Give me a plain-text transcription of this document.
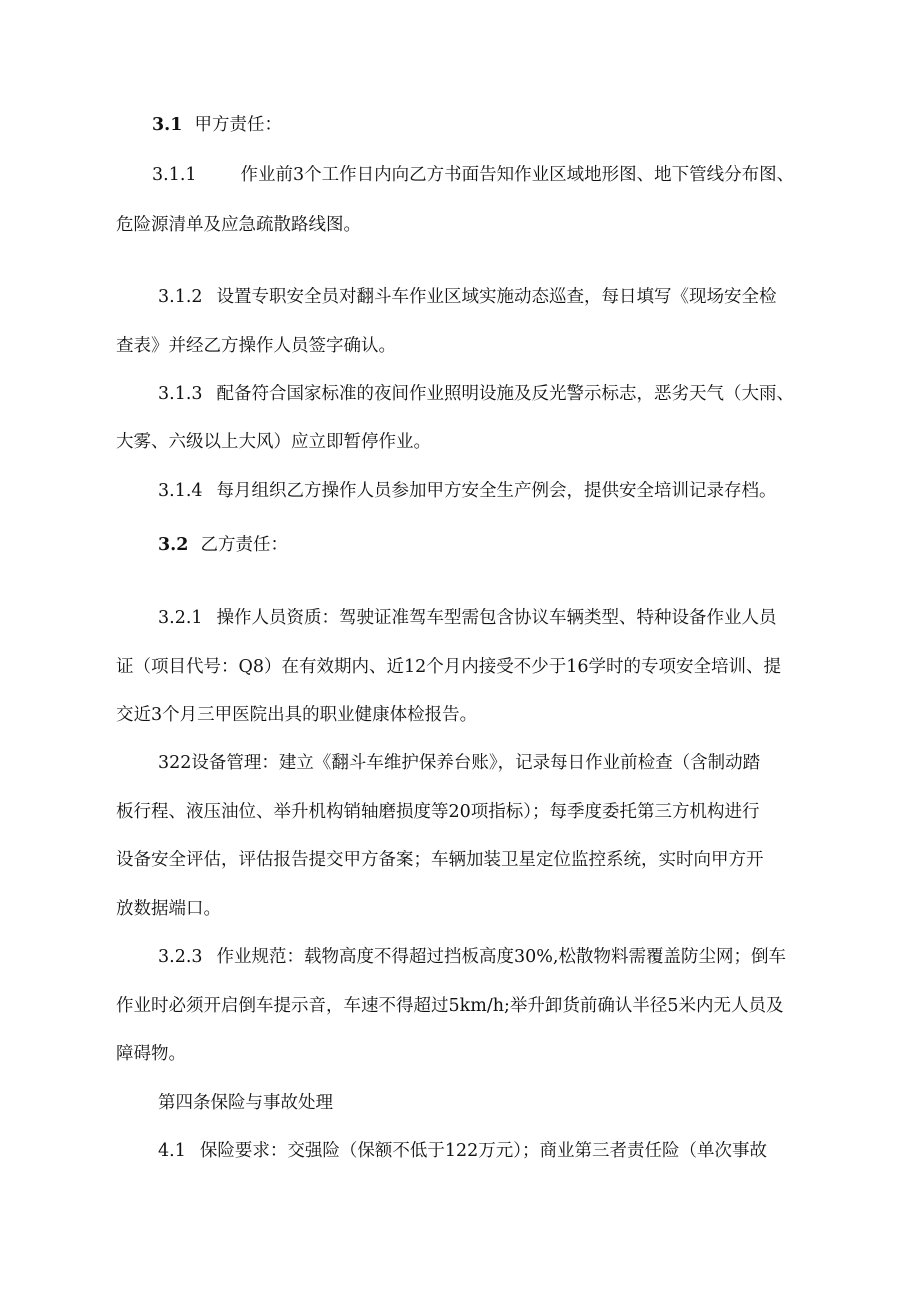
3.1 甲方责任：
3.1.1	作业前3个工作日内向乙方书面告知作业区域地形图、地下管线分布图、
危险源清单及应急疏散路线图。
3.1.2 设置专职安全员对翻斗车作业区域实施动态巡查，每日填写《现场安全检
查表》并经乙方操作人员签字确认。
3.1.3 配备符合国家标准的夜间作业照明设施及反光警示标志，恶劣天气（大雨、
大雾、六级以上大风）应立即暂停作业。
3.1.4 每月组织乙方操作人员参加甲方安全生产例会，提供安全培训记录存档。
3.2 乙方责任：
3.2.1 操作人员资质：驾驶证准驾车型需包含协议车辆类型、特种设备作业人员
证（项目代号：Q8）在有效期内、近12个月内接受不少于16学时的专项安全培训、提
交近3个月三甲医院出具的职业健康体检报告。
322设备管理：建立《翻斗车维护保养台账》，记录每日作业前检查（含制动踏
板行程、液压油位、举升机构销轴磨损度等20项指标）；每季度委托第三方机构进行
设备安全评估，评估报告提交甲方备案；车辆加装卫星定位监控系统，实时向甲方开
放数据端口。
3.2.3 作业规范：载物高度不得超过挡板高度30%,松散物料需覆盖防尘网；倒车
作业时必须开启倒车提示音，车速不得超过5km/h;举升卸货前确认半径5米内无人员及
障碍物。
第四条保险与事故处理
4.1 保险要求：交强险（保额不低于122万元）；商业第三者责任险（单次事故
